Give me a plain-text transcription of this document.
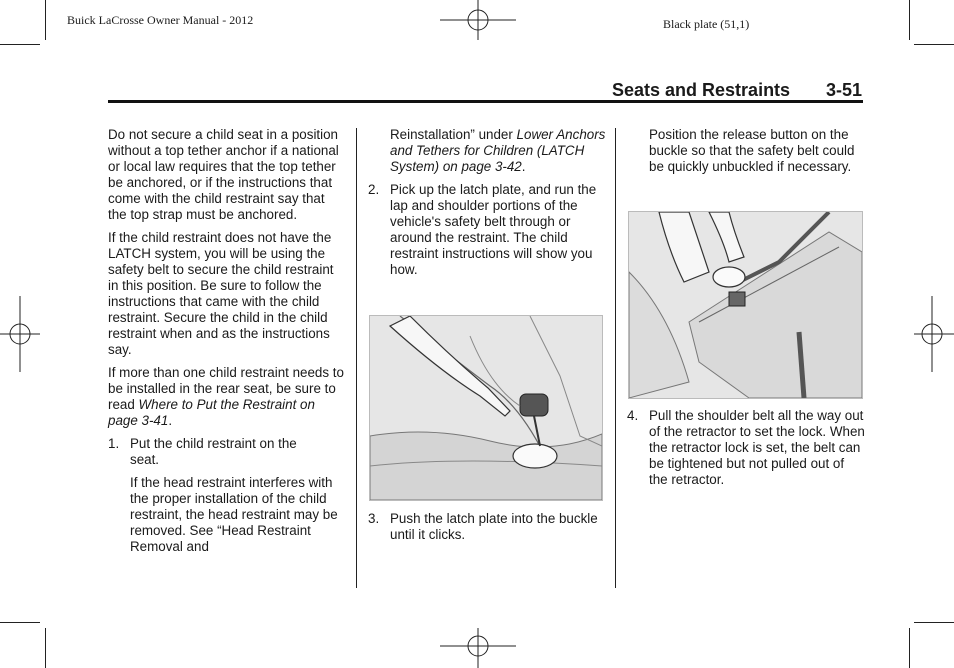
Buick LaCrosse Owner Manual - 2012	Black plate (51,1)
Seats and Restraints 3-51

Do not secure a child seat in a position without a top tether anchor if a national or local law requires that the top tether be anchored, or if the instructions that come with the child restraint say that the top strap must be anchored.

If the child restraint does not have the LATCH system, you will be using the safety belt to secure the child restraint in this position. Be sure to follow the instructions that came with the child restraint. Secure the child in the child restraint when and as the instructions say.

If more than one child restraint needs to be installed in the rear seat, be sure to read Where to Put the Restraint on page 3-41.

1. Put the child restraint on the seat.
If the head restraint interferes with the proper installation of the child restraint, the head restraint may be removed. See “Head Restraint Removal and
Reinstallation” under Lower Anchors and Tethers for Children (LATCH System) on page 3-42.
2. Pick up the latch plate, and run the lap and shoulder portions of the vehicle's safety belt through or around the restraint. The child restraint instructions will show you how.
3. Push the latch plate into the buckle until it clicks.
Position the release button on the buckle so that the safety belt could be quickly unbuckled if necessary.
4. Pull the shoulder belt all the way out of the retractor to set the lock. When the retractor lock is set, the belt can be tightened but not pulled out of the retractor.
